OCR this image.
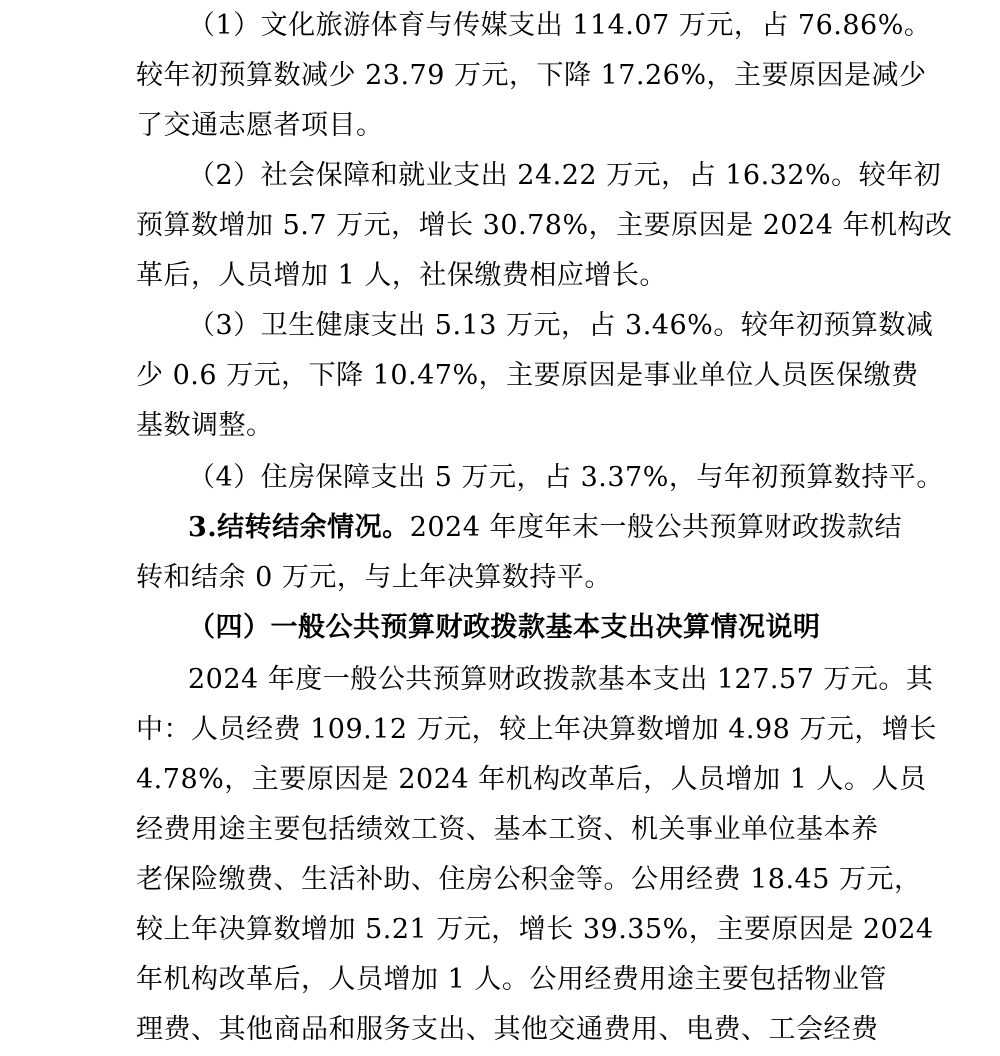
（1）文化旅游体育与传媒支出 114.07 万元，占 76.86%。
较年初预算数减少 23.79 万元，下降 17.26%，主要原因是减少
了交通志愿者项目。
（2）社会保障和就业支出 24.22 万元，占 16.32%。较年初
预算数增加 5.7 万元，增长 30.78%，主要原因是 2024 年机构改
革后，人员增加 1 人，社保缴费相应增长。
（3）卫生健康支出 5.13 万元，占 3.46%。较年初预算数减
少 0.6 万元，下降 10.47%，主要原因是事业单位人员医保缴费
基数调整。
（4）住房保障支出 5 万元，占 3.37%，与年初预算数持平。
3.结转结余情况。2024 年度年末一般公共预算财政拨款结
转和结余 0 万元，与上年决算数持平。
（四）一般公共预算财政拨款基本支出决算情况说明
2024 年度一般公共预算财政拨款基本支出 127.57 万元。其
中：人员经费 109.12 万元，较上年决算数增加 4.98 万元，增长
4.78%，主要原因是 2024 年机构改革后，人员增加 1 人。人员
经费用途主要包括绩效工资、基本工资、机关事业单位基本养
老保险缴费、生活补助、住房公积金等。公用经费 18.45 万元，
较上年决算数增加 5.21 万元，增长 39.35%，主要原因是 2024
年机构改革后，人员增加 1 人。公用经费用途主要包括物业管
理费、其他商品和服务支出、其他交通费用、电费、工会经费
